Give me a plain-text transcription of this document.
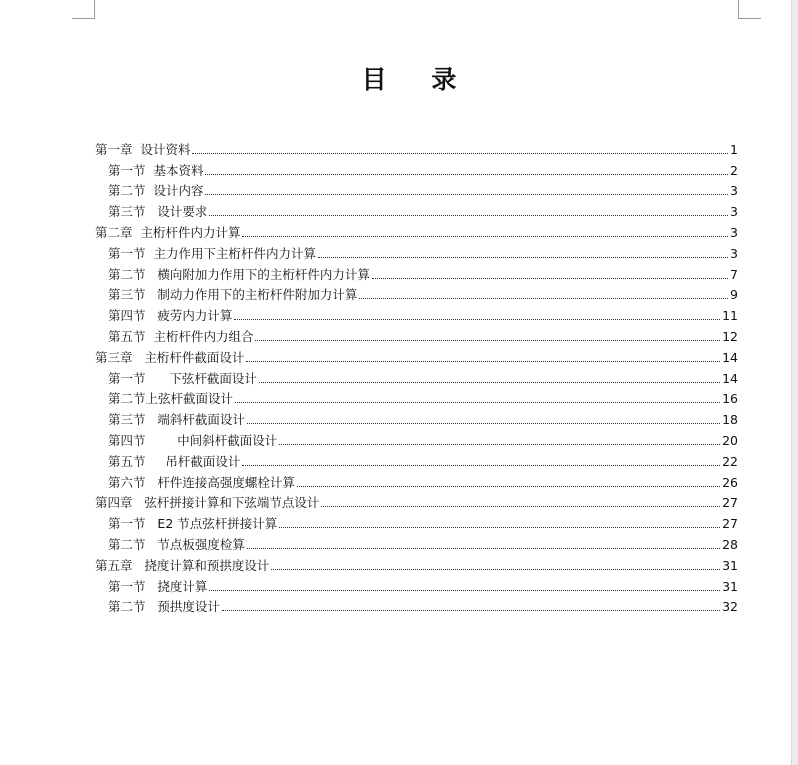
目 录
第一章  设计资料	1
第一节  基本资料	2
第二节  设计内容	3
第三节   设计要求	3
第二章  主桁杆件内力计算	3
第一节  主力作用下主桁杆件内力计算	3
第二节   横向附加力作用下的主桁杆件内力计算	7
第三节   制动力作用下的主桁杆件附加力计算	9
第四节   疲劳内力计算	11
第五节  主桁杆件内力组合	12
第三章   主桁杆件截面设计	14
第一节      下弦杆截面设计	14
第二节上弦杆截面设计	16
第三节   端斜杆截面设计	18
第四节        中间斜杆截面设计	20
第五节     吊杆截面设计	22
第六节   杆件连接高强度螺栓计算	26
第四章   弦杆拼接计算和下弦端节点设计	27
第一节   E2 节点弦杆拼接计算	27
第二节   节点板强度检算	28
第五章   挠度计算和预拱度设计	31
第一节   挠度计算	31
第二节   预拱度设计	32
